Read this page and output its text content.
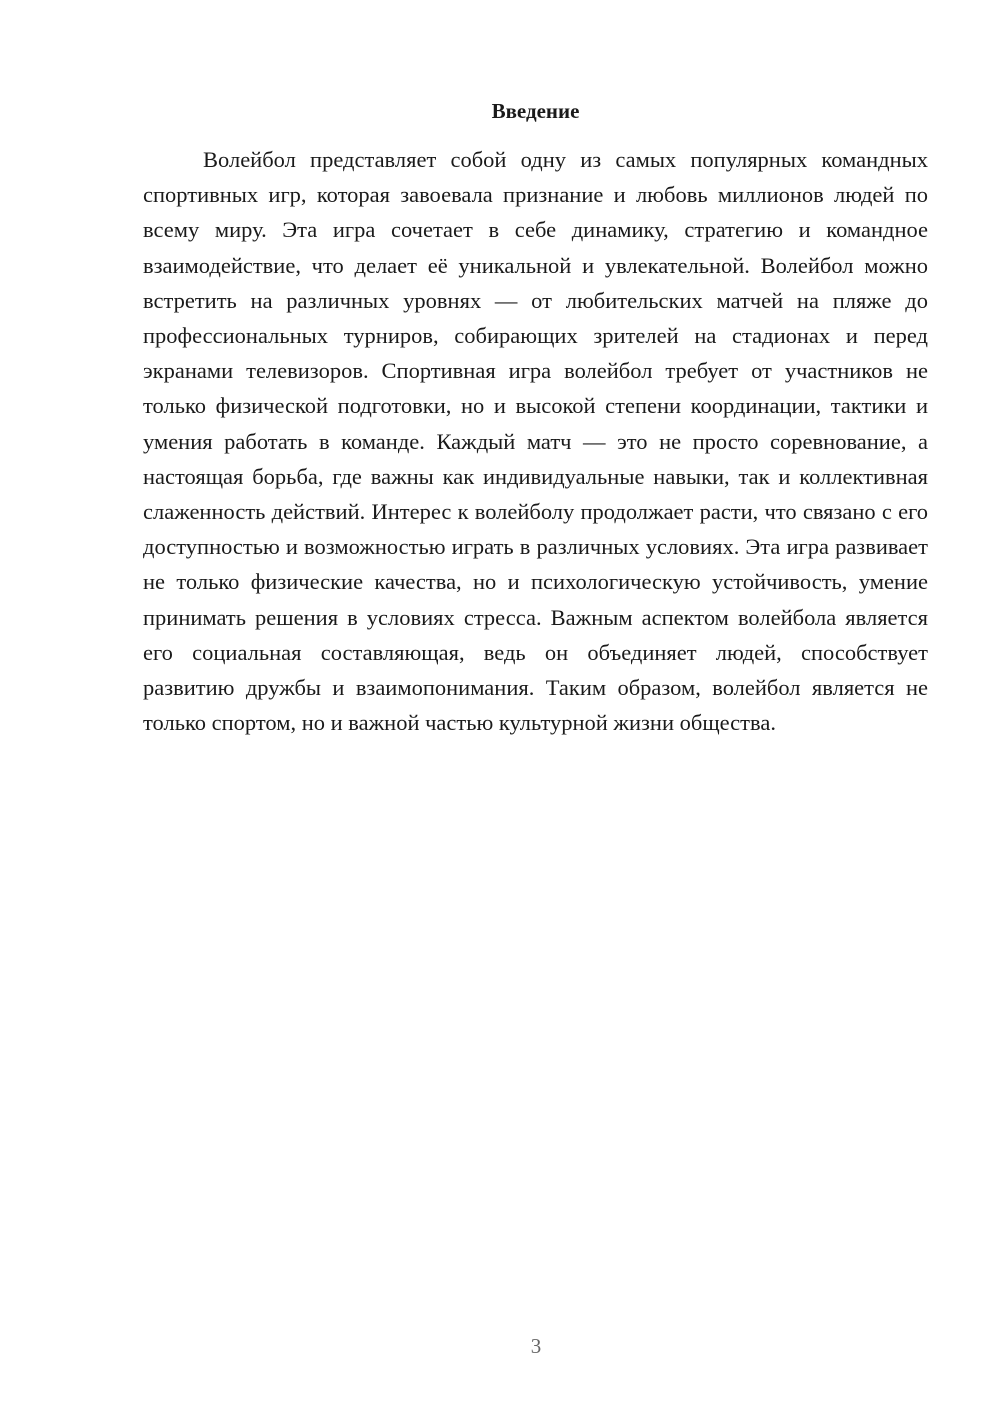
Введение

Волейбол представляет собой одну из самых популярных командных спортивных игр, которая завоевала признание и любовь миллионов людей по всему миру. Эта игра сочетает в себе динамику, стратегию и командное взаимодействие, что делает её уникальной и увлекательной. Волейбол можно встретить на различных уровнях — от любительских матчей на пляже до профессиональных турниров, собирающих зрителей на стадионах и перед экранами телевизоров. Спортивная игра волейбол требует от участников не только физической подготовки, но и высокой степени координации, тактики и умения работать в команде. Каждый матч — это не просто соревнование, а настоящая борьба, где важны как индивидуальные навыки, так и коллективная слаженность действий. Интерес к волейболу продолжает расти, что связано с его доступностью и возможностью играть в различных условиях. Эта игра развивает не только физические качества, но и психологическую устойчивость, умение принимать решения в условиях стресса. Важным аспектом волейбола является его социальная составляющая, ведь он объединяет людей, способствует развитию дружбы и взаимопонимания. Таким образом, волейбол является не только спортом, но и важной частью культурной жизни общества.

3
